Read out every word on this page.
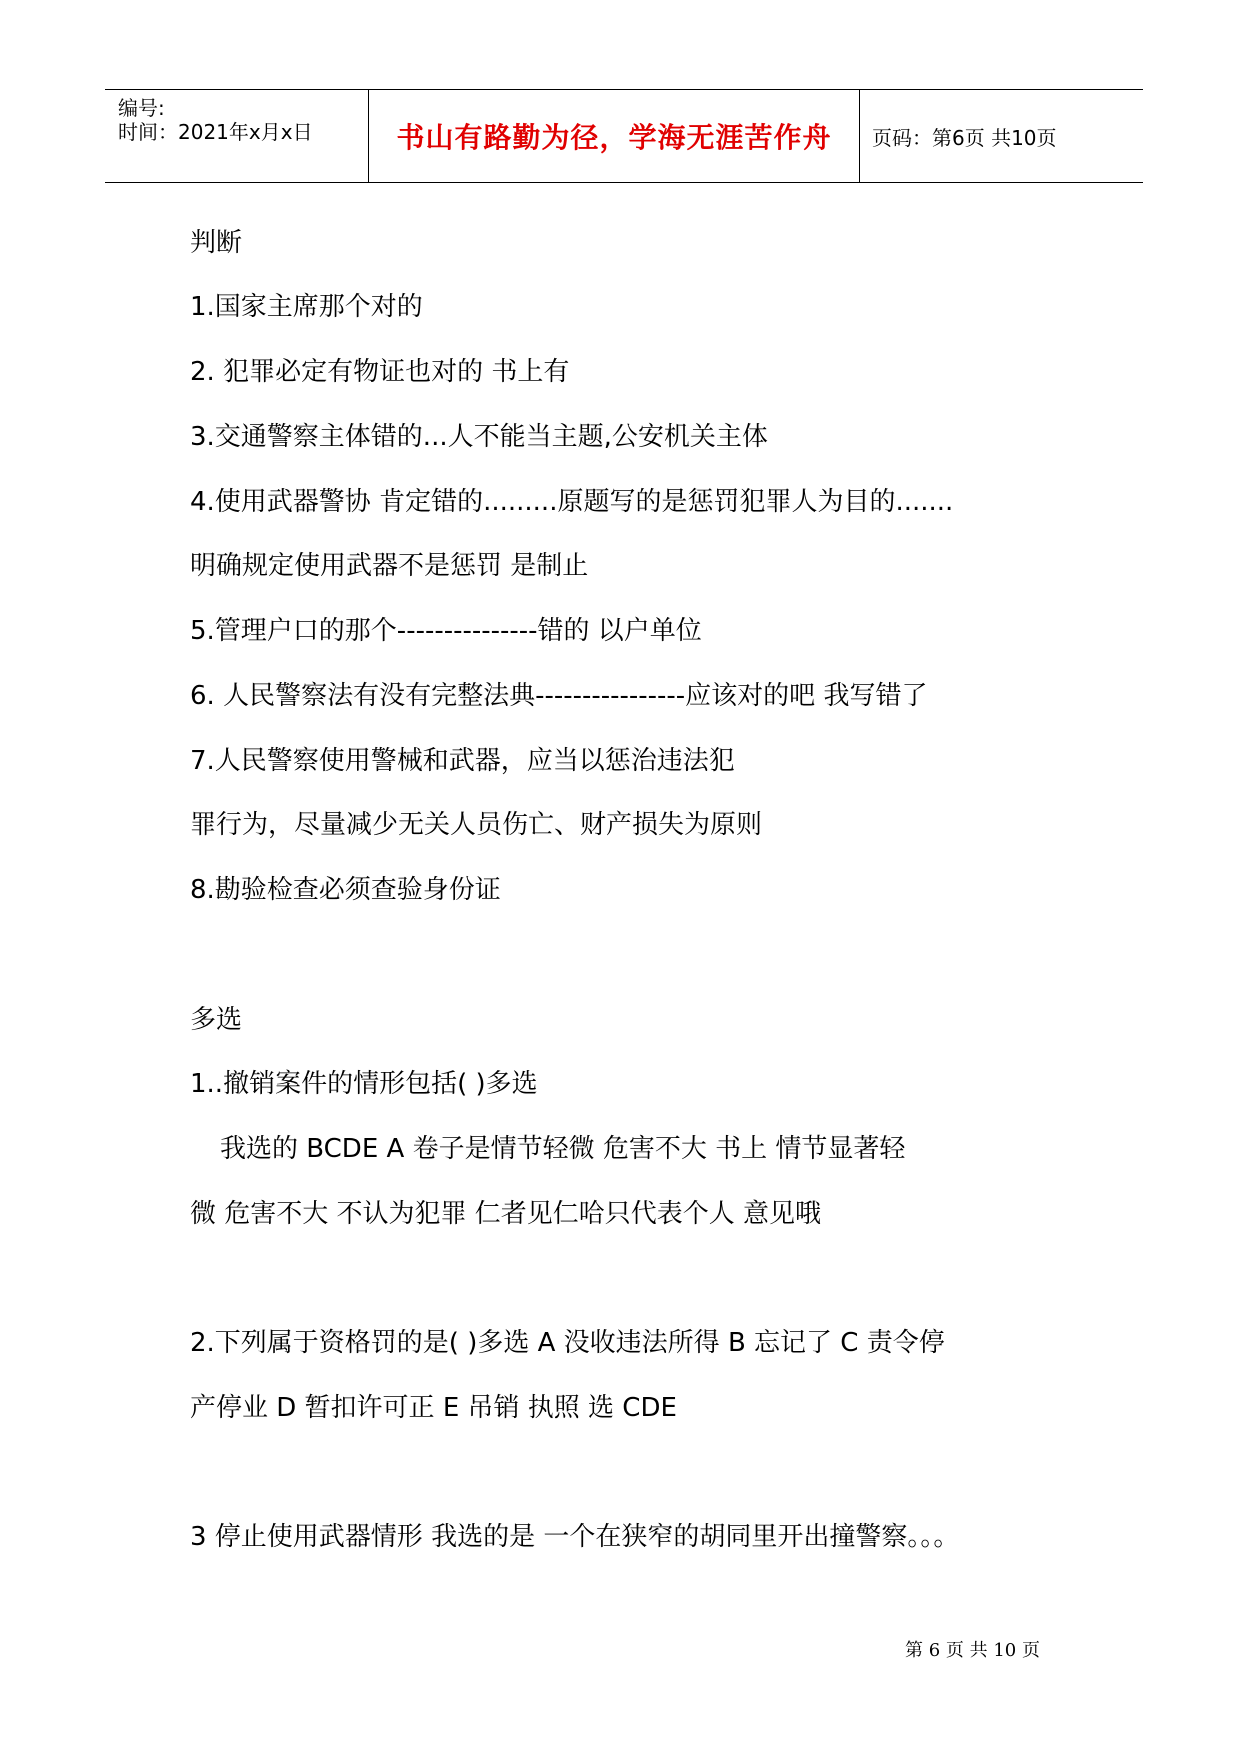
编号:
时间：2021年x月x日	书山有路勤为径，学海无涯苦作舟 页码：第6页 共10页
判断
1.国家主席那个对的
2. 犯罪必定有物证也对的 书上有
3.交通警察主体错的...人不能当主题,公安机关主体
4.使用武器警协 肯定错的.........原题写的是惩罚犯罪人为目的.......
明确规定使用武器不是惩罚 是制止
5.管理户口的那个---------------错的 以户单位
6. 人民警察法有没有完整法典----------------应该对的吧 我写错了
7.人民警察使用警械和武器，应当以惩治违法犯
罪行为，尽量减少无关人员伤亡、财产损失为原则
8.勘验检查必须查验身份证
多选
1..撤销案件的情形包括( )多选
我选的 BCDE A 卷子是情节轻微 危害不大 书上 情节显著轻
微 危害不大 不认为犯罪 仁者见仁哈只代表个人 意见哦
2.下列属于资格罚的是( )多选 A 没收违法所得 B 忘记了 C 责令停
产停业 D 暂扣许可正 E 吊销 执照 选 CDE
3 停止使用武器情形 我选的是 一个在狭窄的胡同里开出撞警察。。。
第 6 页 共 10 页
